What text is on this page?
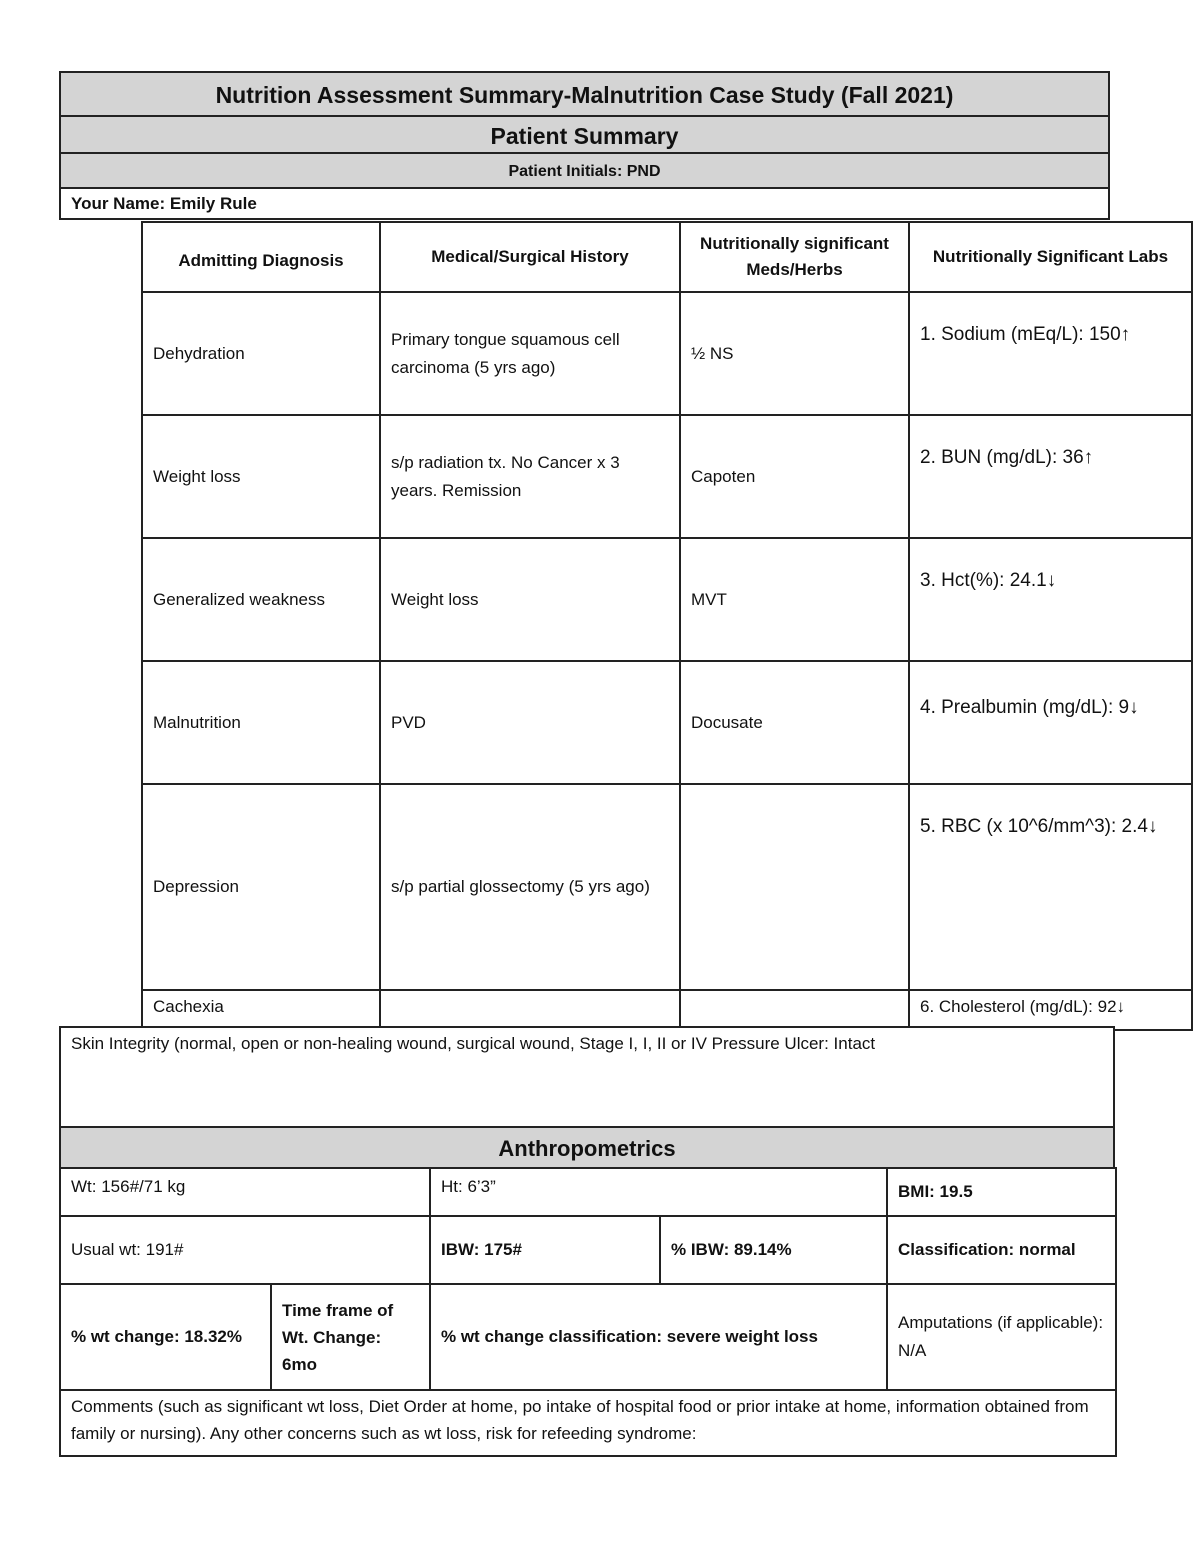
Nutrition Assessment Summary-Malnutrition Case Study (Fall 2021)
Patient Summary
Patient Initials: PND
Your Name: Emily Rule
Admitting Diagnosis	Medical/Surgical History	Nutritionally significant Meds/Herbs	Nutritionally Significant Labs
Dehydration	Primary tongue squamous cell carcinoma (5 yrs ago)	½ NS	1. Sodium (mEq/L): 150↑
Weight loss	s/p radiation tx. No Cancer x 3 years. Remission	Capoten	2. BUN (mg/dL): 36↑
Generalized weakness	Weight loss	MVT	3. Hct(%): 24.1↓
Malnutrition	PVD	Docusate	4. Prealbumin (mg/dL): 9↓
Depression	s/p partial glossectomy (5 yrs ago)		5. RBC (x 10^6/mm^3): 2.4↓
Cachexia			6. Cholesterol (mg/dL): 92↓
Skin Integrity (normal, open or non-healing wound, surgical wound, Stage I, I, II or IV Pressure Ulcer: Intact
Anthropometrics
Wt: 156#/71 kg		Ht: 6’3”		BMI: 19.5
Usual wt: 191#		IBW: 175#	% IBW: 89.14%	Classification: normal
% wt change: 18.32%	Time frame of Wt. Change: 6mo	% wt change classification: severe weight loss		Amputations (if applicable): N/A
Comments (such as significant wt loss, Diet Order at home, po intake of hospital food or prior intake at home, information obtained from family or nursing). Any other concerns such as wt loss, risk for refeeding syndrome:				
